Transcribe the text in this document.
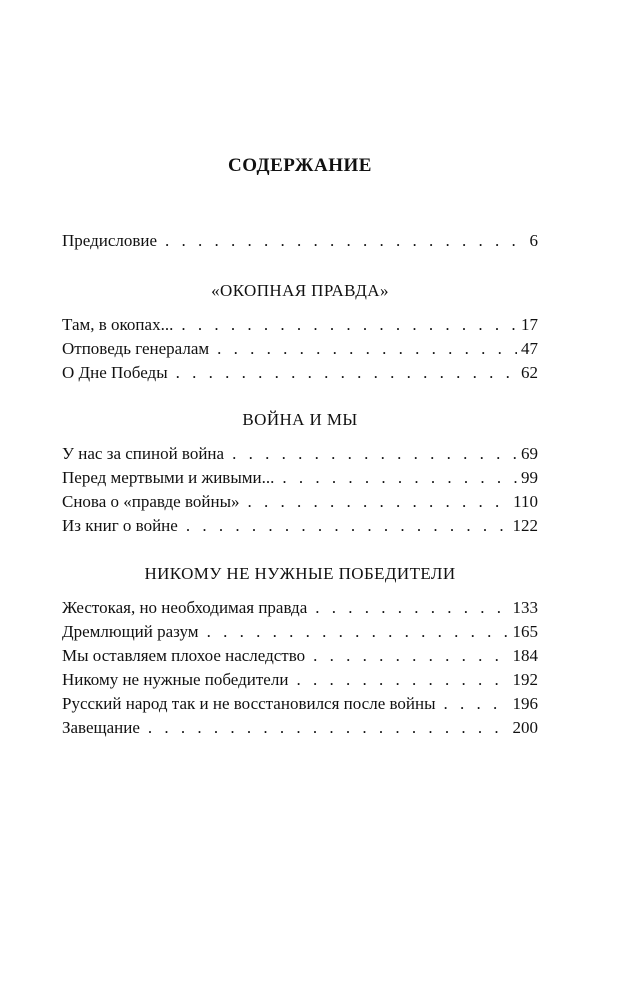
СОДЕРЖАНИЕ
Предисловие . . .	6
«ОКОПНАЯ ПРАВДА»
Там, в окопах... . . .	17
Отповедь генералам . . .	47
О Дне Победы . . .	62
ВОЙНА И МЫ
У нас за спиной война . . .	69
Перед мертвыми и живыми... . . .	99
Снова о «правде войны» . . .	110
Из книг о войне . . .	122
НИКОМУ НЕ НУЖНЫЕ ПОБЕДИТЕЛИ
Жестокая, но необходимая правда . . .	133
Дремлющий разум . . .	165
Мы оставляем плохое наследство . . .	184
Никому не нужные победители . . .	192
Русский народ так и не восстановился после войны . . .	196
Завещание . . .	200
